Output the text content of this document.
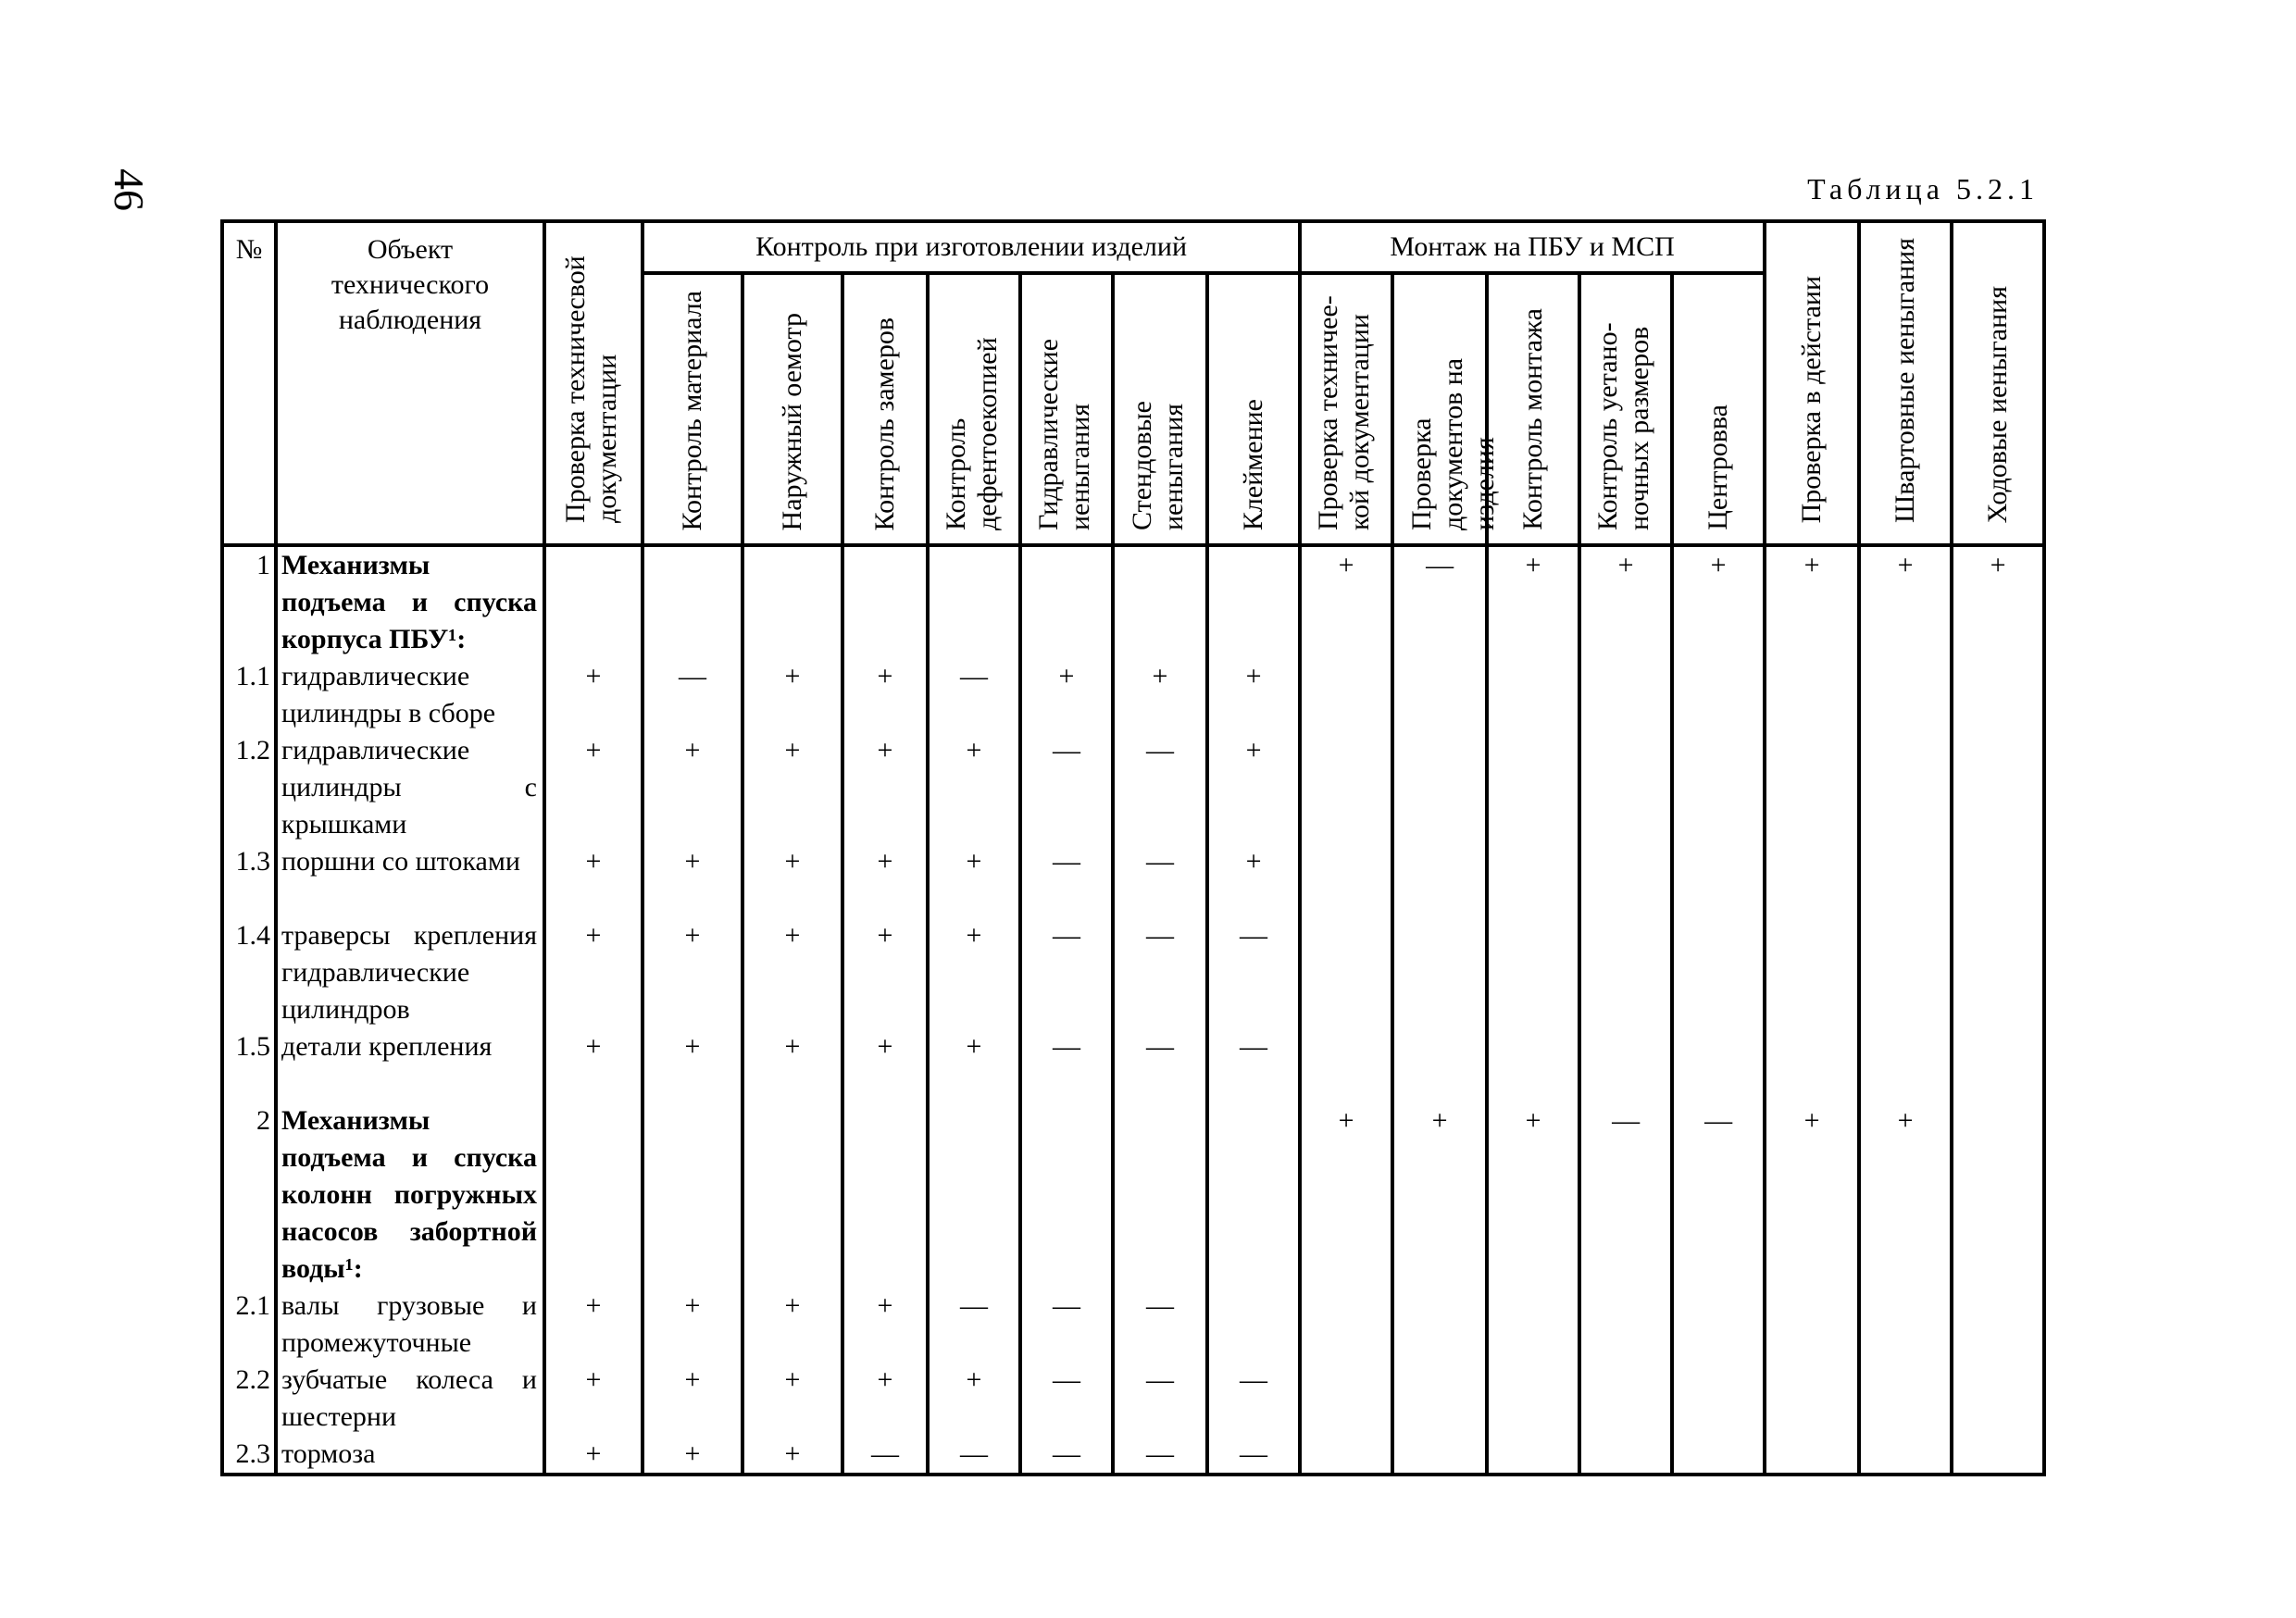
46	Таблица 5.2.1
№	Объект технического наблюдения	Проверка техничеcвой документации	Контроль при изготовлении изделий							Монтаж на ПБУ и МСП					Проверка в дейстаии	Швартовные иеныгания	Ходовые иеныгания

			Контроль материала	Наружный оемотр	Контроль замеров	Контроль дефентоекопией	Гидравлические иеныгания	Стендовые иеныгания	Клеймение	Проверка техничее-кой документации	Проверка документов на изделия	Контроль монтажа	Контроль уетано-ночных размеров	Центровва			

1	Механизмы подъема и спуска корпуса ПБУ¹:									+	—	+	+	+	+	+	+
1.1	гидравлические цилиндры в сборе	+	—	+	+	—	+	+	+								
1.2	гидравлические цилиндры с крышками	+	+	+	+	+	—	—	+								
1.3	поршни со штоками	+	+	+	+	+	—	—	+								
1.4	траверсы крепления гидравлические цилиндров	+	+	+	+	+	—	—	—								
1.5	детали крепления	+	+	+	+	+	—	—	—								
2	Механизмы подъема и спуска колонн погружных насосов забортной воды¹:									+	+	+	—	—	+	+	
2.1	валы грузовые и промежуточные	+	+	+	+	—	—	—									
2.2	зубчатые колеса и шестерни	+	+	+	+	+	—	—	—								
2.3	тормоза	+	+	+	—	—	—	—	—								
